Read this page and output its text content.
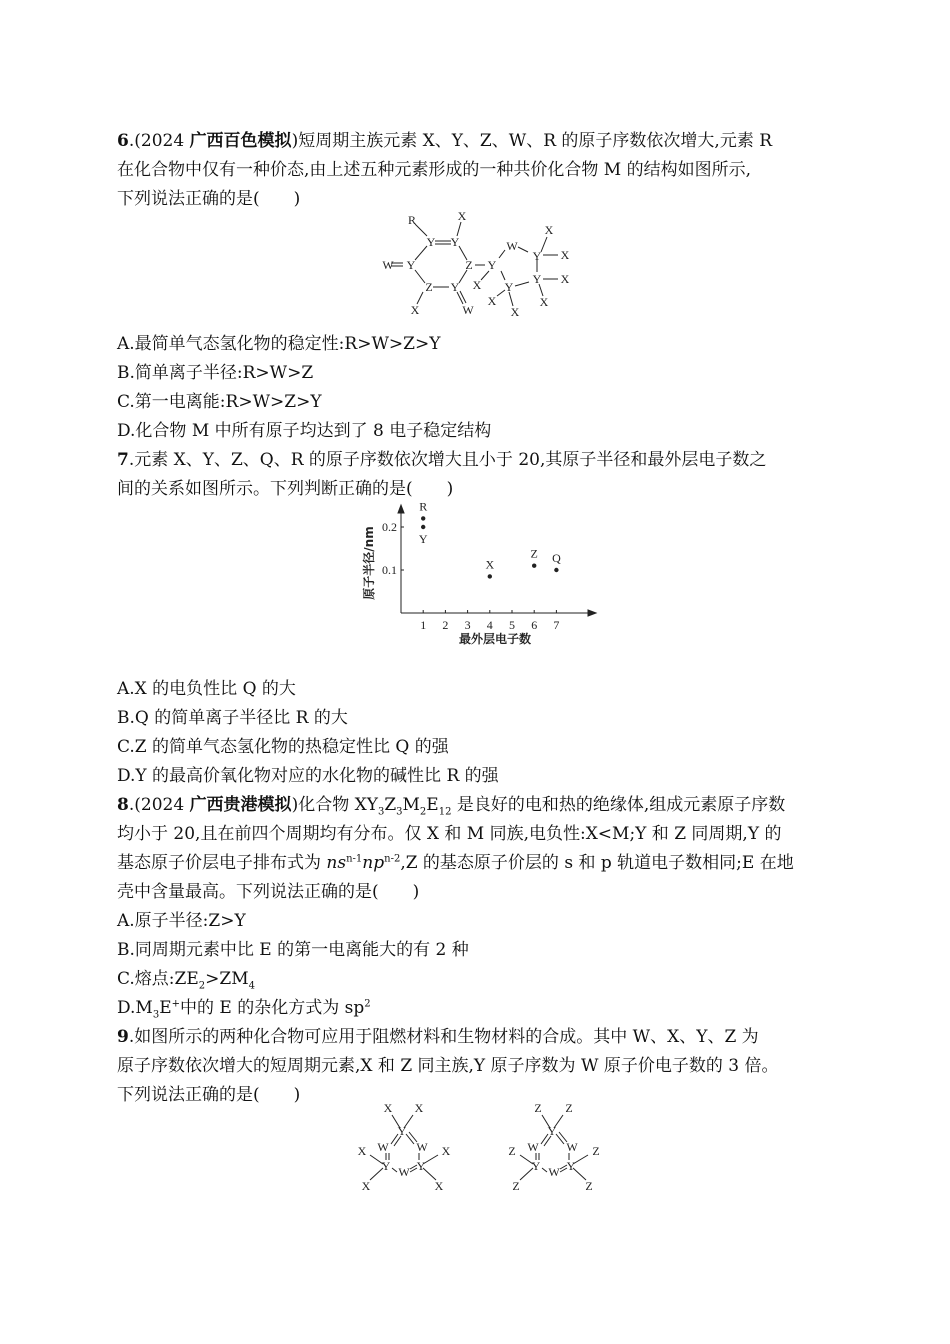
6.(2024 广西百色模拟)短周期主族元素 X、Y、Z、W、R 的原子序数依次增大,元素 R
在化合物中仅有一种价态,由上述五种元素形成的一种共价化合物 M 的结构如图所示,
下列说法正确的是(　　)
R	X
Y Y
W Y	Z
Z Y
X	W
Y
W
Y
X
X
Y X
X
Y
X
X
X
A.最简单气态氢化物的稳定性:R>W>Z>Y
B.简单离子半径:R>W>Z
C.第一电离能:R>W>Z>Y
D.化合物 M 中所有原子均达到了 8 电子稳定结构
7.元素 X、Y、Z、Q、R 的原子序数依次增大且小于 20,其原子半径和最外层电子数之
间的关系如图所示。下列判断正确的是(　　)
原子半径/nm
最外层电子数
1 2 3 4 5 6 7
0.1
0.2
R
Y
X
Z Q
A.X 的电负性比 Q 的大
B.Q 的简单离子半径比 R 的大
C.Z 的简单气态氢化物的热稳定性比 Q 的强
D.Y 的最高价氧化物对应的水化物的碱性比 R 的强
8.(2024 广西贵港模拟)化合物 $XY_3Z_3M_2E_{12}$ 是良好的电和热的绝缘体,组成元素原子序数
均小于 20,且在前四个周期均有分布。仅 X 和 M 同族,电负性:X<M;Y 和 Z 同周期,Y 的
基态原子价层电子排布式为 $ns^{n-1}np^{n-2},Z$ 的基态原子价层的 s 和 p 轨道电子数相同;E 在地
壳中含量最高。下列说法正确的是(　　)
A.原子半径:Z>Y
B.同周期元素中比 E 的第一电离能大的有 2 种
C.熔点$:ZE_2>ZM_4$
$D.M_3E^+$中的 E 的杂化方式为 $sp^2$
9.如图所示的两种化合物可应用于阻燃材料和生物材料的合成。其中 W、X、Y、Z 为
原子序数依次增大的短周期元素,X 和 Z 同主族,Y 原子序数为 W 原子价电子数的 3 倍。
下列说法正确的是(　　)
X X
Y
W W
Y W Y
X	X
X	X
Z Z
Y
W W
Y W Y
Z	Z
Z	Z
